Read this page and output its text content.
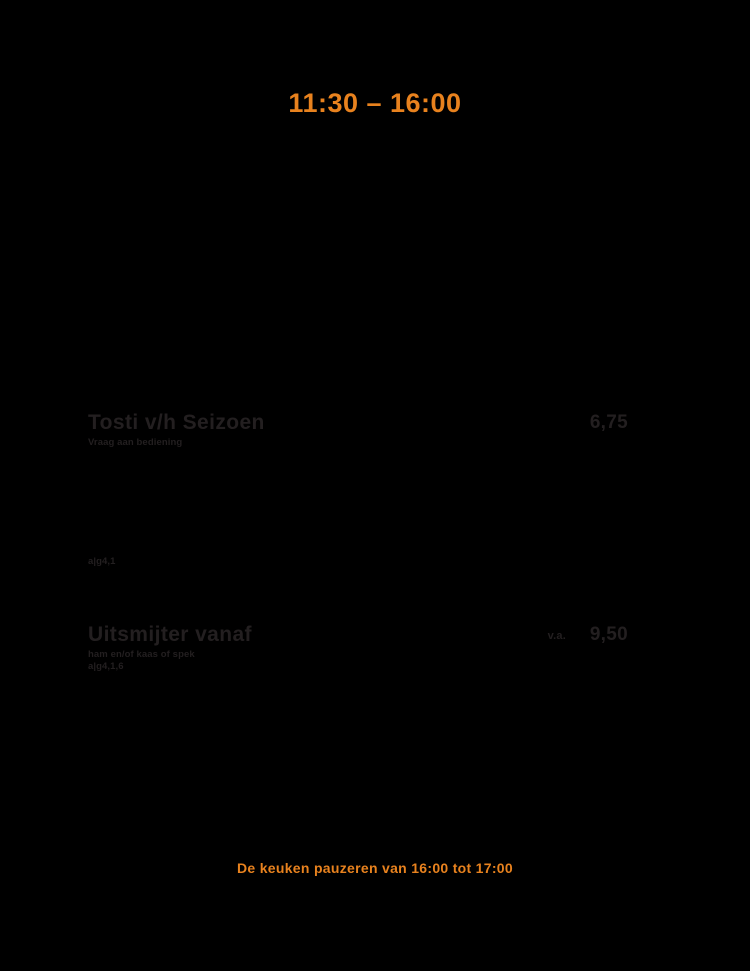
11:30 – 16:00
Tosti v/h Seizoen	6,75
Vraag aan bediening
a|g4,1
Uitsmijter vanaf	v.a. 9,50
ham en/of kaas of spek
a|g4,1,6
De keuken pauzeren van 16:00 tot 17:00
